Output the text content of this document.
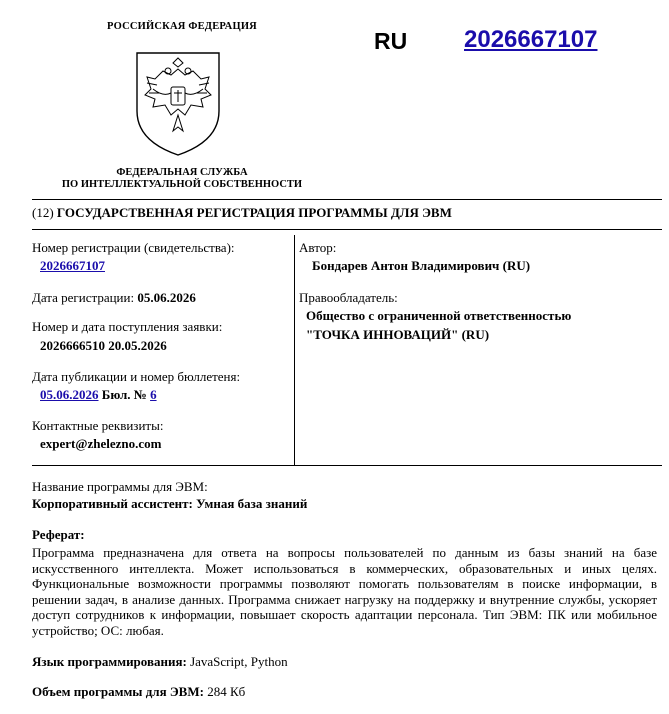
РОССИЙСКАЯ ФЕДЕРАЦИЯ
ФЕДЕРАЛЬНАЯ СЛУЖБА
ПО ИНТЕЛЛЕКТУАЛЬНОЙ СОБСТВЕННОСТИ
RU 2026667107
(12) ГОСУДАРСТВЕННАЯ РЕГИСТРАЦИЯ ПРОГРАММЫ ДЛЯ ЭВМ
Номер регистрации (свидетельства):
2026667107
Дата регистрации: 05.06.2026
Номер и дата поступления заявки:
2026666510 20.05.2026
Дата публикации и номер бюллетеня:
05.06.2026 Бюл. № 6
Контактные реквизиты:
expert@zhelezno.com
Автор:
Бондарев Антон Владимирович (RU)
Правообладатель:
Общество с ограниченной ответственностью
"ТОЧКА ИННОВАЦИЙ" (RU)
Название программы для ЭВМ:
Корпоративный ассистент: Умная база знаний
Реферат:
Программа предназначена для ответа на вопросы пользователей по данным из базы знаний на базе искусственного интеллекта. Может использоваться в коммерческих, образовательных и иных целях. Функциональные возможности программы позволяют помогать пользователям в поиске информации, в решении задач, в анализе данных. Программа снижает нагрузку на поддержку и внутренние службы, ускоряет доступ сотрудников к информации, повышает скорость адаптации персонала. Тип ЭВМ: ПК или мобильное устройство; ОС: любая.
Язык программирования: JavaScript, Python
Объем программы для ЭВМ: 284 Кб
